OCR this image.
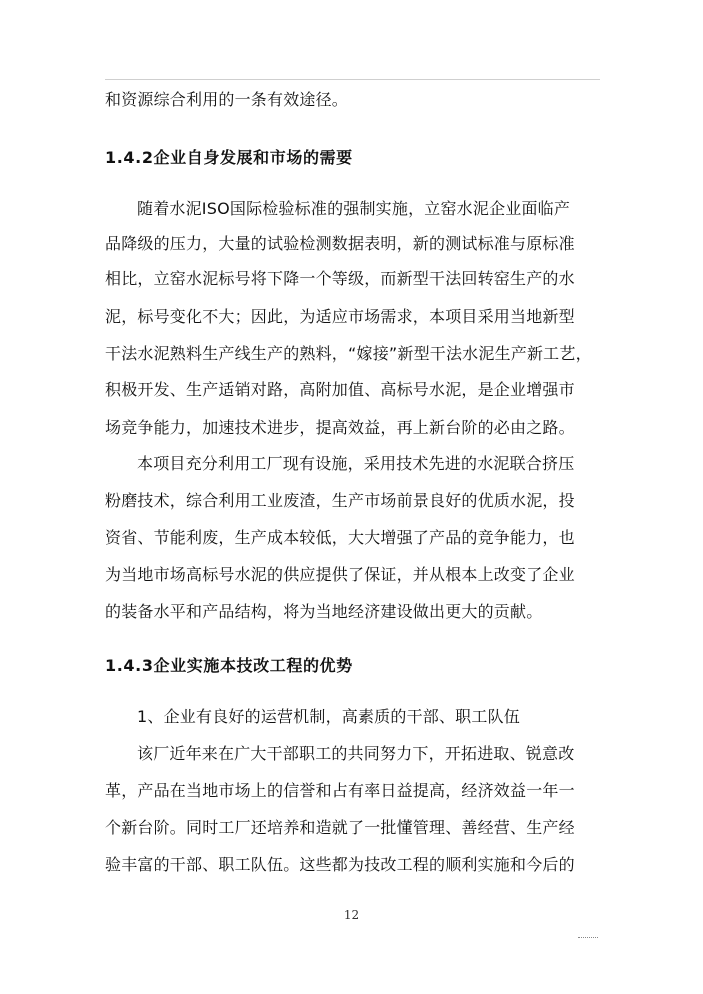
和资源综合利用的一条有效途径。
1.4.2企业自身发展和市场的需要
随着水泥ISO国际检验标准的强制实施，立窑水泥企业面临产
品降级的压力，大量的试验检测数据表明，新的测试标准与原标准
相比，立窑水泥标号将下降一个等级，而新型干法回转窑生产的水
泥，标号变化不大；因此，为适应市场需求，本项目采用当地新型
干法水泥熟料生产线生产的熟料，“嫁接”新型干法水泥生产新工艺，
积极开发、生产适销对路，高附加值、高标号水泥，是企业增强市
场竞争能力，加速技术进步，提高效益，再上新台阶的必由之路。
本项目充分利用工厂现有设施，采用技术先进的水泥联合挤压
粉磨技术，综合利用工业废渣，生产市场前景良好的优质水泥，投
资省、节能利废，生产成本较低，大大增强了产品的竞争能力，也
为当地市场高标号水泥的供应提供了保证，并从根本上改变了企业
的装备水平和产品结构，将为当地经济建设做出更大的贡献。
1.4.3企业实施本技改工程的优势
1、企业有良好的运营机制，高素质的干部、职工队伍
该厂近年来在广大干部职工的共同努力下，开拓进取、锐意改
革，产品在当地市场上的信誉和占有率日益提高，经济效益一年一
个新台阶。同时工厂还培养和造就了一批懂管理、善经营、生产经
验丰富的干部、职工队伍。这些都为技改工程的顺利实施和今后的
12
